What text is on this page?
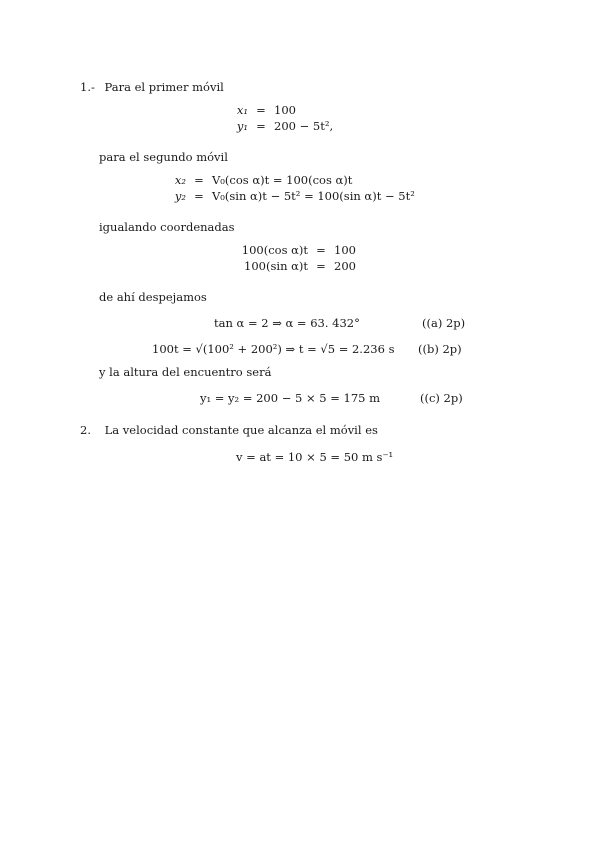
1.- Para el primer móvil
x₁ = 100
y₁ = 200 − 5t²,
para el segundo móvil
x₂ = V₀(cos α)t = 100(cos α)t
y₂ = V₀(sin α)t − 5t² = 100(sin α)t − 5t²
igualando coordenadas
100(cos α)t = 100
100(sin α)t = 200
de ahí despejamos
tan α = 2 ⇒ α = 63. 432°	((a) 2p)
100t = √(100² + 200²) ⇒ t = √5 = 2.236 s ((b) 2p)
y la altura del encuentro será
y₁ = y₂ = 200 − 5 × 5 = 175 m	((c) 2p)
2. La velocidad constante que alcanza el móvil es
v = at = 10 × 5 = 50 m s⁻¹
